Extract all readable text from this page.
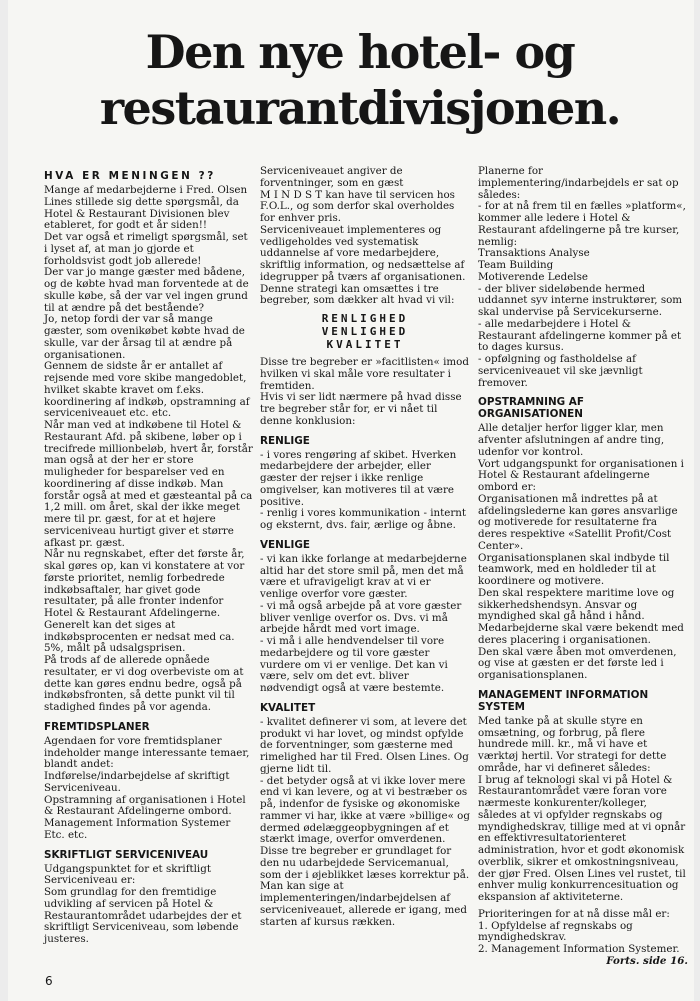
Den nye hotel- og
restaurantdivisjonen.
HVA ER MENINGEN ??

Mange af medarbejderne i Fred. Olsen Lines stillede sig dette spørgsmål, da Hotel & Restaurant Divisionen blev etableret, for godt et år siden!!

Det var også et rimeligt spørgsmål, set i lyset af, at man jo gjorde et forholdsvist godt job allerede!

Der var jo mange gæster med bådene, og de købte hvad man forventede at de skulle købe, så der var vel ingen grund til at ændre på det bestående?

Jo, netop fordi der var så mange gæster, som ovenikøbet købte hvad de skulle, var der årsag til at ændre på organisationen.

Gennem de sidste år er antallet af rejsende med vore skibe mangedoblet, hvilket skabte kravet om f.eks. koordinering af indkøb, opstramning af serviceniveauet etc. etc.

Når man ved at indkøbene til Hotel & Restaurant Afd. på skibene, løber op i trecifrede millionbeløb, hvert år, forstår man også at der her er store muligheder for besparelser ved en koordinering af disse indkøb. Man forstår også at med et gæsteantal på ca 1,2 mill. om året, skal der ikke meget mere til pr. gæst, for at et højere serviceniveau hurtigt giver et større afkast pr. gæst.

Når nu regnskabet, efter det første år, skal gøres op, kan vi konstatere at vor første prioritet, nemlig forbedrede indkøbsaftaler, har givet gode resultater, på alle fronter indenfor Hotel & Restaurant Afdelingerne. Generelt kan det siges at indkøbsprocenten er nedsat med ca. 5%, målt på udsalgsprisen.

På trods af de allerede opnåede resultater, er vi dog overbeviste om at dette kan gøres endnu bedre, også på indkøbsfronten, så dette punkt vil til stadighed findes på vor agenda.

FREMTIDSPLANER

Agendaen for vore fremtidsplaner indeholder mange interessante temaer, blandt andet:

Indførelse/indarbejdelse af skriftigt Serviceniveau.

Opstramning af organisationen i Hotel & Restaurant Afdelingerne ombord.

Management Information Systemer

Etc. etc.

SKRIFTLIGT SERVICENIVEAU

Udgangspunktet for et skriftligt Serviceniveau er:

Som grundlag for den fremtidige udvikling af servicen på Hotel & Restaurantområdet udarbejdes der et skriftligt Serviceniveau, som løbende justeres.

Serviceniveauet angiver de forventninger, som en gæst

M I N D S T kan have til servicen hos F.O.L., og som derfor skal overholdes for enhver pris.

Serviceniveauet implementeres og vedligeholdes ved systematisk uddannelse af vore medarbejdere, skriftlig information, og nedsættelse af idegrupper på tværs af organisationen.

Denne strategi kan omsættes i tre begreber, som dækker alt hvad vi vil:

RENLIGHED
VENLIGHED
KVALITET

Disse tre begreber er »facitlisten« imod hvilken vi skal måle vore resultater i fremtiden.

Hvis vi ser lidt nærmere på hvad disse tre begreber står for, er vi nået til denne konklusion:

RENLIGE

- i vores rengøring af skibet. Hverken medarbejdere der arbejder, eller gæster der rejser i ikke renlige omgivelser, kan motiveres til at være positive.

- renlig i vores kommunikation - internt og eksternt, dvs. fair, ærlige og åbne.

VENLIGE

- vi kan ikke forlange at medarbejderne altid har det store smil på, men det må være et ufravigeligt krav at vi er venlige overfor vore gæster.

- vi må også arbejde på at vore gæster bliver venlige overfor os. Dvs. vi må arbejde hårdt med vort image.

- vi må i alle hendvendelser til vore medarbejdere og til vore gæster vurdere om vi er venlige. Det kan vi være, selv om det evt. bliver nødvendigt også at være bestemte.

KVALITET

- kvalitet definerer vi som, at levere det produkt vi har lovet, og mindst opfylde de forventninger, som gæsterne med rimelighed har til Fred. Olsen Lines. Og gjerne lidt til.

- det betyder også at vi ikke lover mere end vi kan levere, og at vi bestræber os på, indenfor de fysiske og økonomiske rammer vi har, ikke at være »billige« og dermed ødelæggeopbygningen af et stærkt image, overfor omverdenen.

Disse tre begreber er grundlaget for den nu udarbejdede Servicemanual, som der i øjeblikket læses korrektur på.

Man kan sige at implementeringen/indarbejdelsen af serviceniveauet, allerede er igang, med starten af kursus rækken.

Planerne for implementering/indarbejdels er sat op således:

- for at nå frem til en fælles »platform«, kommer alle ledere i Hotel & Restaurant afdelingerne på tre kurser, nemlig:

Transaktions Analyse

Team Building

Motiverende Ledelse

- der bliver sideløbende hermed uddannet syv interne instruktører, som skal undervise på Servicekurserne.

- alle medarbejdere i Hotel & Restaurant afdelingerne kommer på et to dages kursus.

- opfølgning og fastholdelse af serviceniveauet vil ske jævnligt fremover.

OPSTRAMNING AF ORGANISATIONEN

Alle detaljer herfor ligger klar, men afventer afslutningen af andre ting, udenfor vor kontrol.

Vort udgangspunkt for organisationen i Hotel & Restaurant afdelingerne ombord er:

Organisationen må indrettes på at afdelingslederne kan gøres ansvarlige og motiverede for resultaterne fra deres respektive «Satellit Profit/Cost Center».

Organisationsplanen skal indbyde til teamwork, med en holdleder til at koordinere og motivere.

Den skal respektere maritime love og sikkerhedshendsyn. Ansvar og myndighed skal gå hånd i hånd. Medarbejderne skal være bekendt med deres placering i organisationen.

Den skal være åben mot omverdenen, og vise at gæsten er det første led i organisationsplanen.

MANAGEMENT INFORMATION SYSTEM

Med tanke på at skulle styre en omsætning, og forbrug, på flere hundrede mill. kr., må vi have et værktøj hertil. Vor strategi for dette område, har vi defineret således:

I brug af teknologi skal vi på Hotel & Restaurantområdet være foran vore nærmeste konkurenter/kolleger, således at vi opfylder regnskabs og myndighedskrav, tillige med at vi opnår en effektivresultatorienteret administration, hvor et godt økonomisk overblik, sikrer et omkostningsniveau, der gjør Fred. Olsen Lines vel rustet, til enhver mulig konkurrencesituation og ekspansion af aktiviteterne.

Prioriteringen for at nå disse mål er:

1. Opfyldelse af regnskabs og myndighedskrav.

2. Management Information Systemer.

Forts. side 16.

6
